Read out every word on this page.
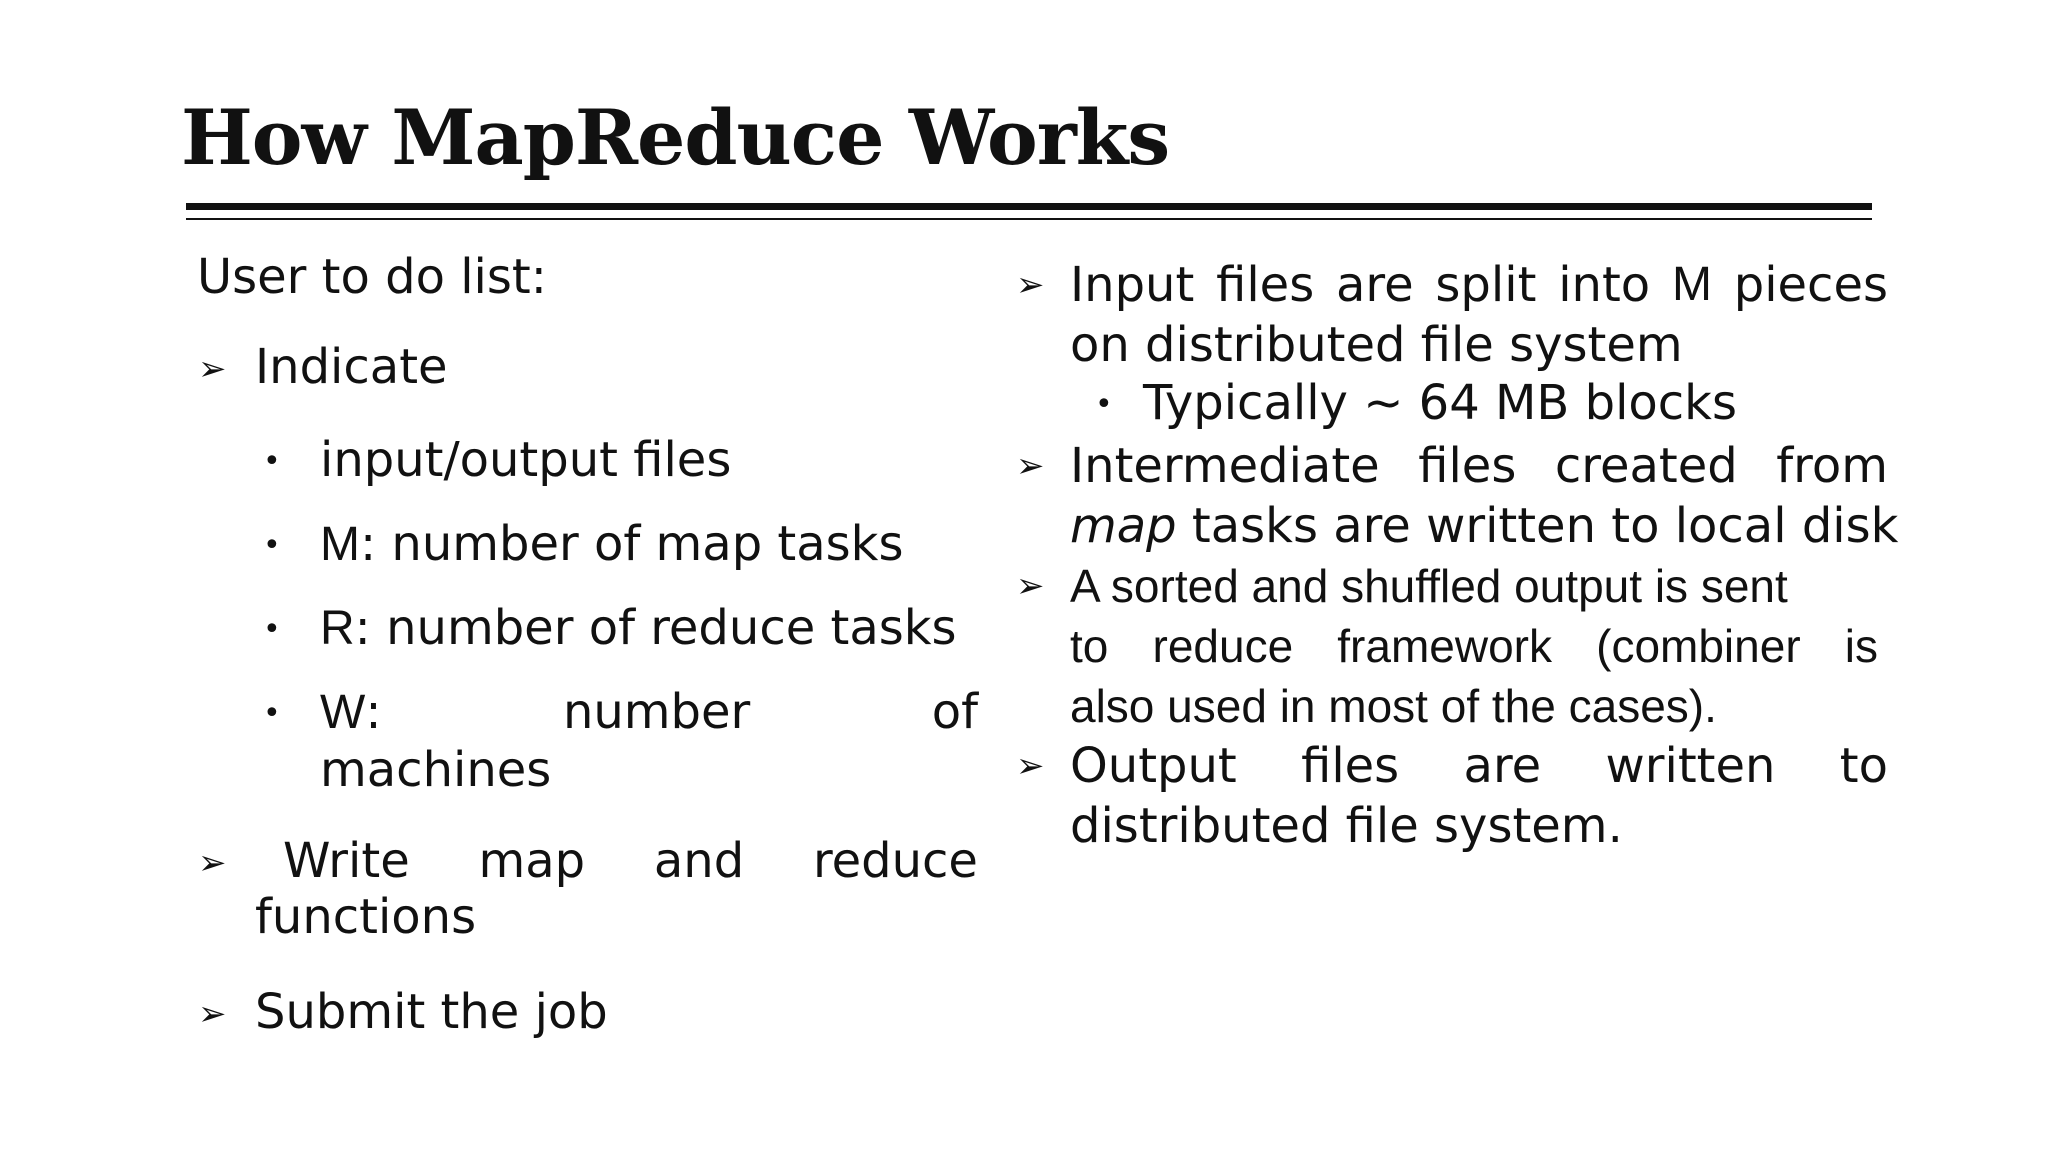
How MapReduce Works
User to do list:
➢ Indicate
• input/output files
• M: number of map tasks
• R: number of reduce tasks
• W:	number	of
machines
➢ Write map and reduce
functions
➢ Submit the job
➢ Input files are split into M pieces
on distributed file system
• Typically ~ 64 MB blocks
➢ Intermediate files created from
map tasks are written to local disk
➢ A sorted and shuffled output is sent
to reduce framework (combiner is
also used in most of the cases).
➢ Output files are written to
distributed file system.
